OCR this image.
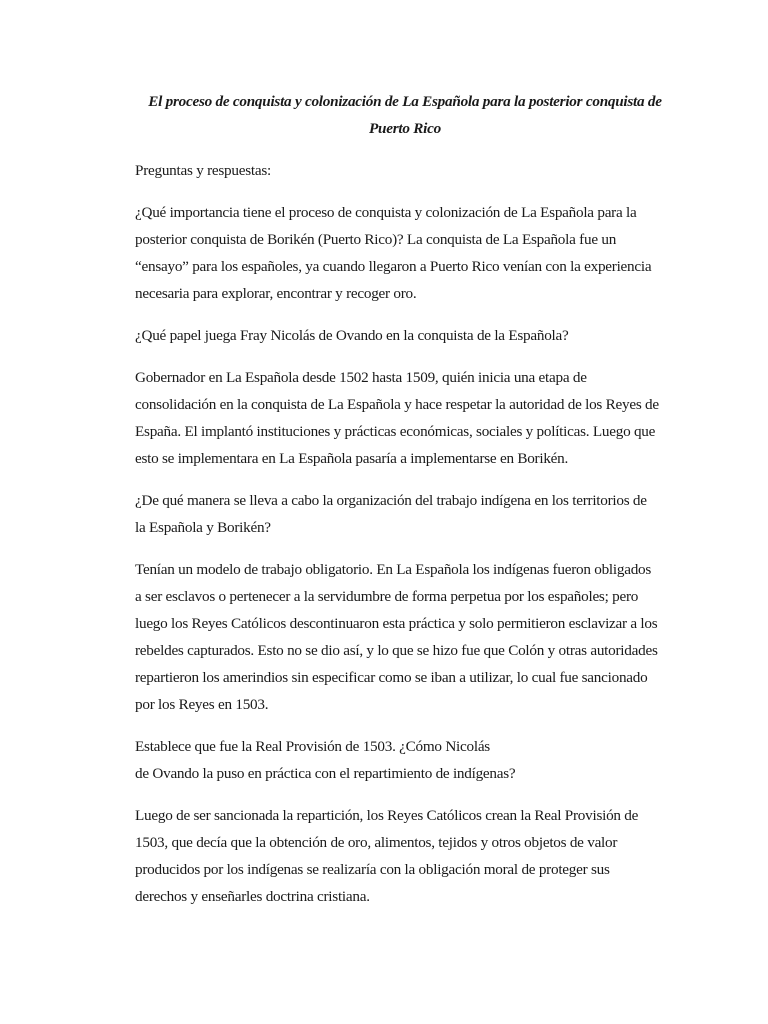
El proceso de conquista y colonización de La Española para la posterior conquista de
Puerto Rico
Preguntas y respuestas:
¿Qué importancia tiene el proceso de conquista y colonización de La Española para la
posterior conquista de Borikén (Puerto Rico)? La conquista de La Española fue un
“ensayo” para los españoles, ya cuando llegaron a Puerto Rico venían con la experiencia
necesaria para explorar, encontrar y recoger oro.
¿Qué papel juega Fray Nicolás de Ovando en la conquista de la Española?
Gobernador en La Española desde 1502 hasta 1509, quién inicia una etapa de
consolidación en la conquista de La Española y hace respetar la autoridad de los Reyes de
España. El implantó instituciones y prácticas económicas, sociales y políticas. Luego que
esto se implementara en La Española pasaría a implementarse en Borikén.
¿De qué manera se lleva a cabo la organización del trabajo indígena en los territorios de
la Española y Borikén?
Tenían un modelo de trabajo obligatorio. En La Española los indígenas fueron obligados
a ser esclavos o pertenecer a la servidumbre de forma perpetua por los españoles; pero
luego los Reyes Católicos descontinuaron esta práctica y solo permitieron esclavizar a los
rebeldes capturados. Esto no se dio así, y lo que se hizo fue que Colón y otras autoridades
repartieron los amerindios sin especificar como se iban a utilizar, lo cual fue sancionado
por los Reyes en 1503.
Establece que fue la Real Provisión de 1503. ¿Cómo Nicolás
de Ovando la puso en práctica con el repartimiento de indígenas?
Luego de ser sancionada la repartición, los Reyes Católicos crean la Real Provisión de
1503, que decía que la obtención de oro, alimentos, tejidos y otros objetos de valor
producidos por los indígenas se realizaría con la obligación moral de proteger sus
derechos y enseñarles doctrina cristiana.
